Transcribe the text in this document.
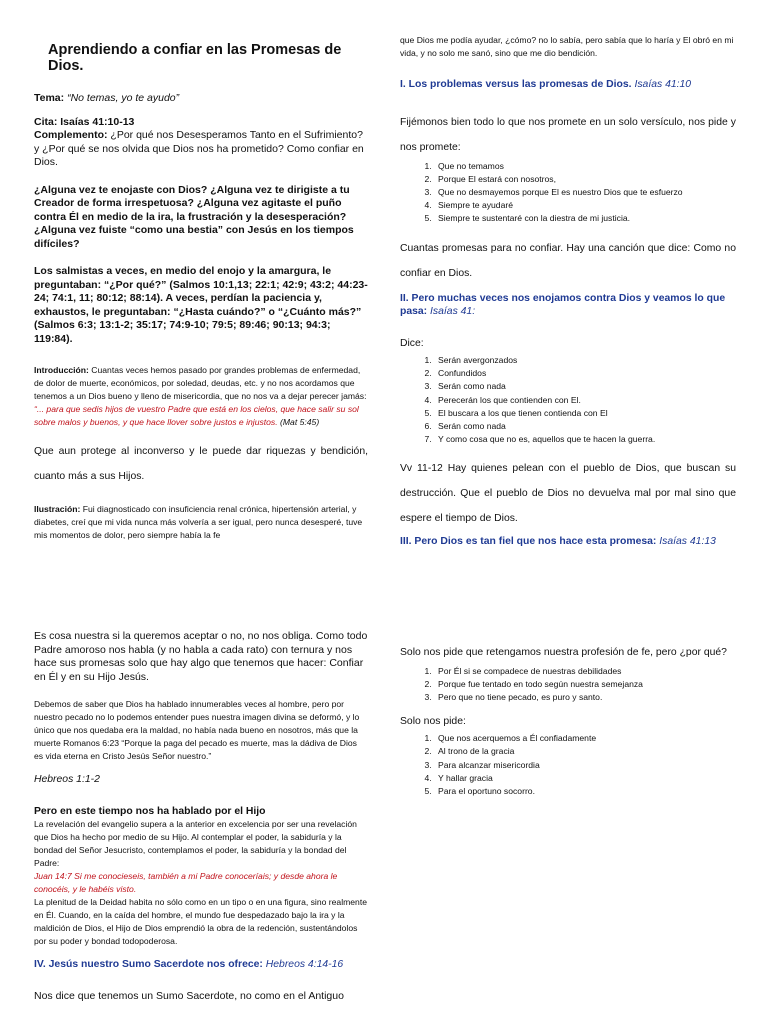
Aprendiendo a confiar en las Promesas de Dios.

Tema: “No temas, yo te ayudo”

Cita: Isaías 41:10-13

Complemento: ¿Por qué nos Desesperamos Tanto en el Sufrimiento? y ¿Por qué se nos olvida que Dios nos ha prometido? Como confiar en Dios.

¿Alguna vez te enojaste con Dios? ¿Alguna vez te dirigiste a tu Creador de forma irrespetuosa? ¿Alguna vez agitaste el puño contra Él en medio de la ira, la frustración y la desesperación? ¿Alguna vez fuiste “como una bestia” con Jesús en los tiempos difíciles?

Los salmistas a veces, en medio del enojo y la amargura, le preguntaban: “¿Por qué?” (Salmos 10:1,13; 22:1; 42:9; 43:2; 44:23-24; 74:1, 11; 80:12; 88:14). A veces, perdían la paciencia y, exhaustos, le preguntaban: “¿Hasta cuándo?” o “¿Cuánto más?” (Salmos 6:3; 13:1-2; 35:17; 74:9-10; 79:5; 89:46; 90:13; 94:3; 119:84).

Introducción: Cuantas veces hemos pasado por grandes problemas de enfermedad, de dolor de muerte, económicos, por soledad, deudas, etc. y no nos acordamos que tenemos a un Dios bueno y lleno de misericordia, que no nos va a dejar perecer jamás:

“... para que sedis hijos de vuestro Padre que está en los cielos, que hace salir su sol sobre malos y buenos, y que hace llover sobre justos e injustos. (Mat 5:45)

Que aun protege al inconverso y le puede dar riquezas y bendición, cuanto más a sus Hijos.

Ilustración: Fui diagnosticado con insuficiencia renal crónica, hipertensión arterial, y diabetes, creí que mi vida nunca más volvería a ser igual, pero nunca desesperé, tuve mis momentos de dolor, pero siempre había la fe

que Dios me podía ayudar, ¿cómo? no lo sabía, pero sabía que lo haría y El obró en mi vida, y no solo me sanó, sino que me dio bendición.

I. Los problemas versus las promesas de Dios. Isaías 41:10

Fijémonos bien todo lo que nos promete en un solo versículo, nos pide y nos promete:

1. Que no temamos
2. Porque El estará con nosotros,
3. Que no desmayemos porque El es nuestro Dios que te esfuerzo
4. Siempre te ayudaré
5. Siempre te sustentaré con la diestra de mi justicia.

Cuantas promesas para no confiar. Hay una canción que dice: Como no confiar en Dios.

II. Pero muchas veces nos enojamos contra Dios y veamos lo que pasa: Isaías 41:

Dice:

1. Serán avergonzados
2. Confundidos
3. Serán como nada
4. Perecerán los que contienden con El.
5. El buscara a los que tienen contienda con El
6. Serán como nada
7. Y como cosa que no es, aquellos que te hacen la guerra.

Vv 11-12 Hay quienes pelean con el pueblo de Dios, que buscan su destrucción. Que el pueblo de Dios no devuelva mal por mal sino que espere el tiempo de Dios.

III. Pero Dios es tan fiel que nos hace esta promesa: Isaías 41:13

Es cosa nuestra si la queremos aceptar o no, no nos obliga. Como todo Padre amoroso nos habla (y no habla a cada rato) con ternura y nos hace sus promesas solo que hay algo que tenemos que hacer: Confiar en Él y en su Hijo Jesús.

Debemos de saber que Dios ha hablado innumerables veces al hombre, pero por nuestro pecado no lo podemos entender pues nuestra imagen divina se deformó, y lo único que nos quedaba era la maldad, no había nada bueno en nosotros, más que la muerte Romanos 6:23 “Porque la paga del pecado es muerte, mas la dádiva de Dios es vida eterna en Cristo Jesús Señor nuestro.”

Hebreos 1:1-2

Pero en este tiempo nos ha hablado por el Hijo

La revelación del evangelio supera a la anterior en excelencia por ser una revelación que Dios ha hecho por medio de su Hijo. Al contemplar el poder, la sabiduría y la bondad del Señor Jesucristo, contemplamos el poder, la sabiduría y la bondad del Padre:

Juan 14:7 Si me conocieseis, también a mi Padre conoceríais; y desde ahora le conocéis, y le habéis visto.

La plenitud de la Deidad habita no sólo como en un tipo o en una figura, sino realmente en Él. Cuando, en la caída del hombre, el mundo fue despedazado bajo la ira y la maldición de Dios, el Hijo de Dios emprendió la obra de la redención, sustentándolos por su poder y bondad todopoderosa.

IV. Jesús nuestro Sumo Sacerdote nos ofrece: Hebreos 4:14-16

Nos dice que tenemos un Sumo Sacerdote, no como en el Antiguo

Solo nos pide que retengamos nuestra profesión de fe, pero ¿por qué?

1. Por Él si se compadece de nuestras debilidades
2. Porque fue tentado en todo según nuestra semejanza
3. Pero que no tiene pecado, es puro y santo.

Solo nos pide:

1. Que nos acerquemos a Él confiadamente
2. Al trono de la gracia
3. Para alcanzar misericordia
4. Y hallar gracia
5. Para el oportuno socorro.
